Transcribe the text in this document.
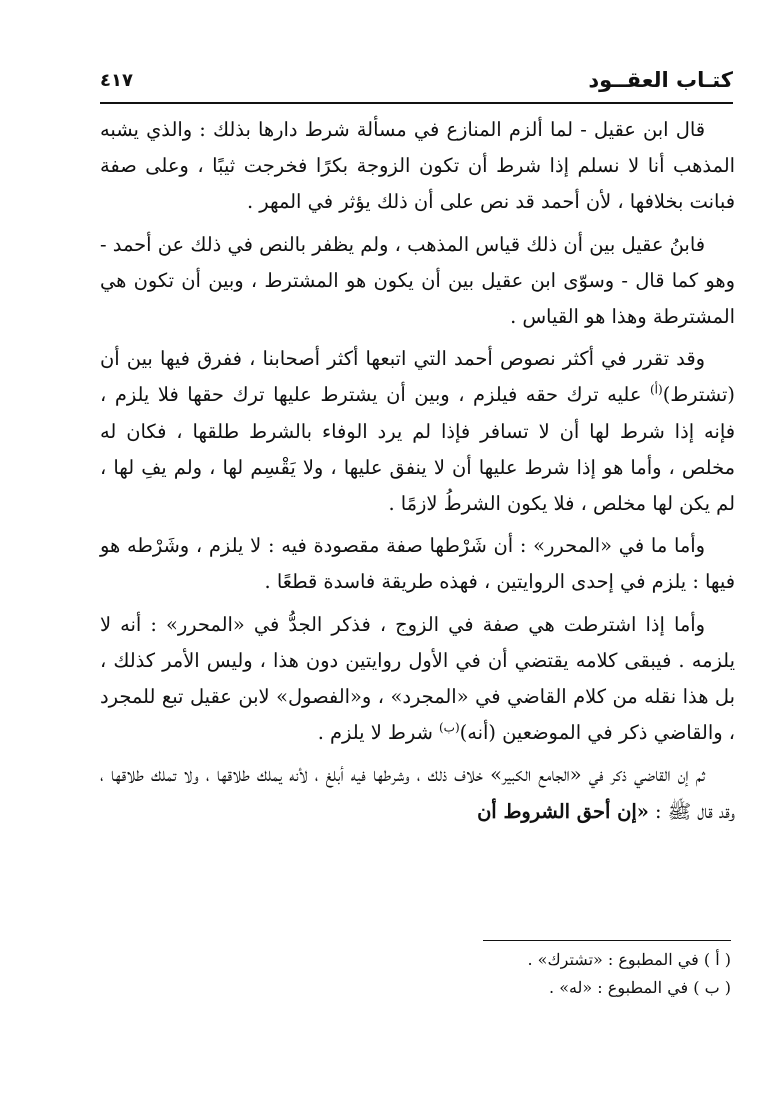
كتـاب العقــود
٤١٧

قال ابن عقيل - لما ألزم المنازع في مسألة شرط دارها بذلك : والذي يشبه المذهب أنا لا نسلم إذا شرط أن تكون الزوجة بكرًا فخرجت ثيبًا ، وعلى صفة فبانت بخلافها ، لأن أحمد قد نص على أن ذلك يؤثر في المهر .

فابنُ عقيل بين أن ذلك قياس المذهب ، ولم يظفر بالنص في ذلك عن أحمد - وهو كما قال - وسوّى ابن عقيل بين أن يكون هو المشترط ، وبين أن تكون هي المشترطة وهذا هو القياس .

وقد تقرر في أكثر نصوص أحمد التي اتبعها أكثر أصحابنا ، ففرق فيها بين أن (تشترط)$^{(أ)}$ عليه ترك حقه فيلزم ، وبين أن يشترط عليها ترك حقها فلا يلزم ، فإنه إذا شرط لها أن لا تسافر فإذا لم يرد الوفاء بالشرط طلقها ، فكان له مخلص ، وأما هو إذا شرط عليها أن لا ينفق عليها ، ولا يَقْسِم لها ، ولم يفِ لها ، لم يكن لها مخلص ، فلا يكون الشرطُ لازمًا .

وأما ما في «المحرر» : أن شَرْطها صفة مقصودة فيه : لا يلزم ، وشَرْطه هو فيها : يلزم في إحدى الروايتين ، فهذه طريقة فاسدة قطعًا .

وأما إذا اشترطت هي صفة في الزوج ، فذكر الجدُّ في «المحرر» : أنه لا يلزمه . فيبقى كلامه يقتضي أن في الأول روايتين دون هذا ، وليس الأمر كذلك ، بل هذا نقله من كلام القاضي في «المجرد» ، و«الفصول» لابن عقيل تبع للمجرد ، والقاضي ذكر في الموضعين (أنه)$^{(ب)}$ شرط لا يلزم .

ثم إن القاضي ذكر في «الجامع الكبير» خلاف ذلك ، وشرطها فيه أبلغ ، لأنه يملك طلاقها ، ولا تملك طلاقها ، وقد قال ﷺ : «إن أحق الشروط أن

( أ ) في المطبوع : «تشترك» .

( ب ) في المطبوع : «له» .
